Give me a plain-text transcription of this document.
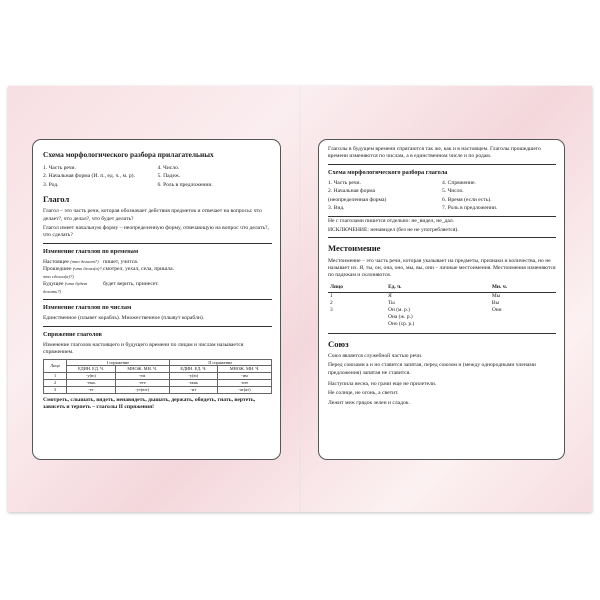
Схема морфологического разбора прилагательных
1. Часть речи.	4. Число.
2. Начальная форма (И. п., ед. ч., м. р).	5. Падеж.
3. Род.	6. Роль в предложении.
Глагол

Глагол – это часть речи, которая обозначает действия предметов и отвечает на вопросы: что делает?, что делал?, что будет делать?

Глагол имеет начальную форму – неопределенную форму, отвечающую на вопрос что делать?, что сделать?

Изменение глаголов по временам
Настоящее (что делает?) пишет, учится.
Прошедшее (что делал(а)?, что сделал(а)?)
смотрел, уехал, села, пришла.
Будущее (что будет делать?)
будет верить, принесет.
Изменение глаголов по числам

Единственное (плывет корабль). Множественное (плывут корабли).

Спряжение глаголов

Изменение глаголов настоящего и будущего времени по лицам и числам называется спряжением.

Лицо	I спряжение		II спряжение	
	ЕДИН. ЕД. Ч.	МНОЖ. МН. Ч.	ЕДИН. ЕД. Ч.	МНОЖ. МН. Ч.
1	-у(ю)	-ем	-у(ю)	-им
2	-ешь	-ете	-ишь	-ите
3	-ет	-ут(ют)	-ит	-ат(ят)

Смотреть, слышать, видеть, ненавидеть, дышать, держать, обидеть, гнать, вертеть, зависеть и терпеть – глаголы II спряжения!

Глаголы в будущем времени спрягаются так же, как и в настоящем. Глаголы прошедшего времени изменяются по числам, а в единственном числе и по родам.

Схема морфологического разбора глагола
1. Часть речи.	4. Спряжение.
2. Начальная форма	5. Число.
(неопределенная форма)	6. Время (если есть).
3. Вид.	7. Роль в предложении.

Не с глаголами пишется отдельно: не_видел, не_дал.

ИСКЛЮЧЕНИЕ: ненавидел (без не не употребляется).

Местоимение

Местоимение – это часть речи, которая указывает на предметы, признаки и количества, но не называет их. Я, ты, он, она, оно, мы, вы, они – личные местоимения. Местоимения изменяются по падежам и склоняются.

Лицо	Ед. ч.	Мн. ч.
1	Я	Мы
2	Ты	Вы
3	Он (м. р.)
Она (ж. р.)
Оно (ср. р.)	Они
Союз

Союз является служебной частью речи.

Перед союзами а и но ставится запятая, перед союзом и (между однородными членами предложения) запятая не ставится.

Наступила весна, но грачи еще не прилетели.

Не солнце, не огонь, а светит.

Лежит меж грядок зелен и сладок.
